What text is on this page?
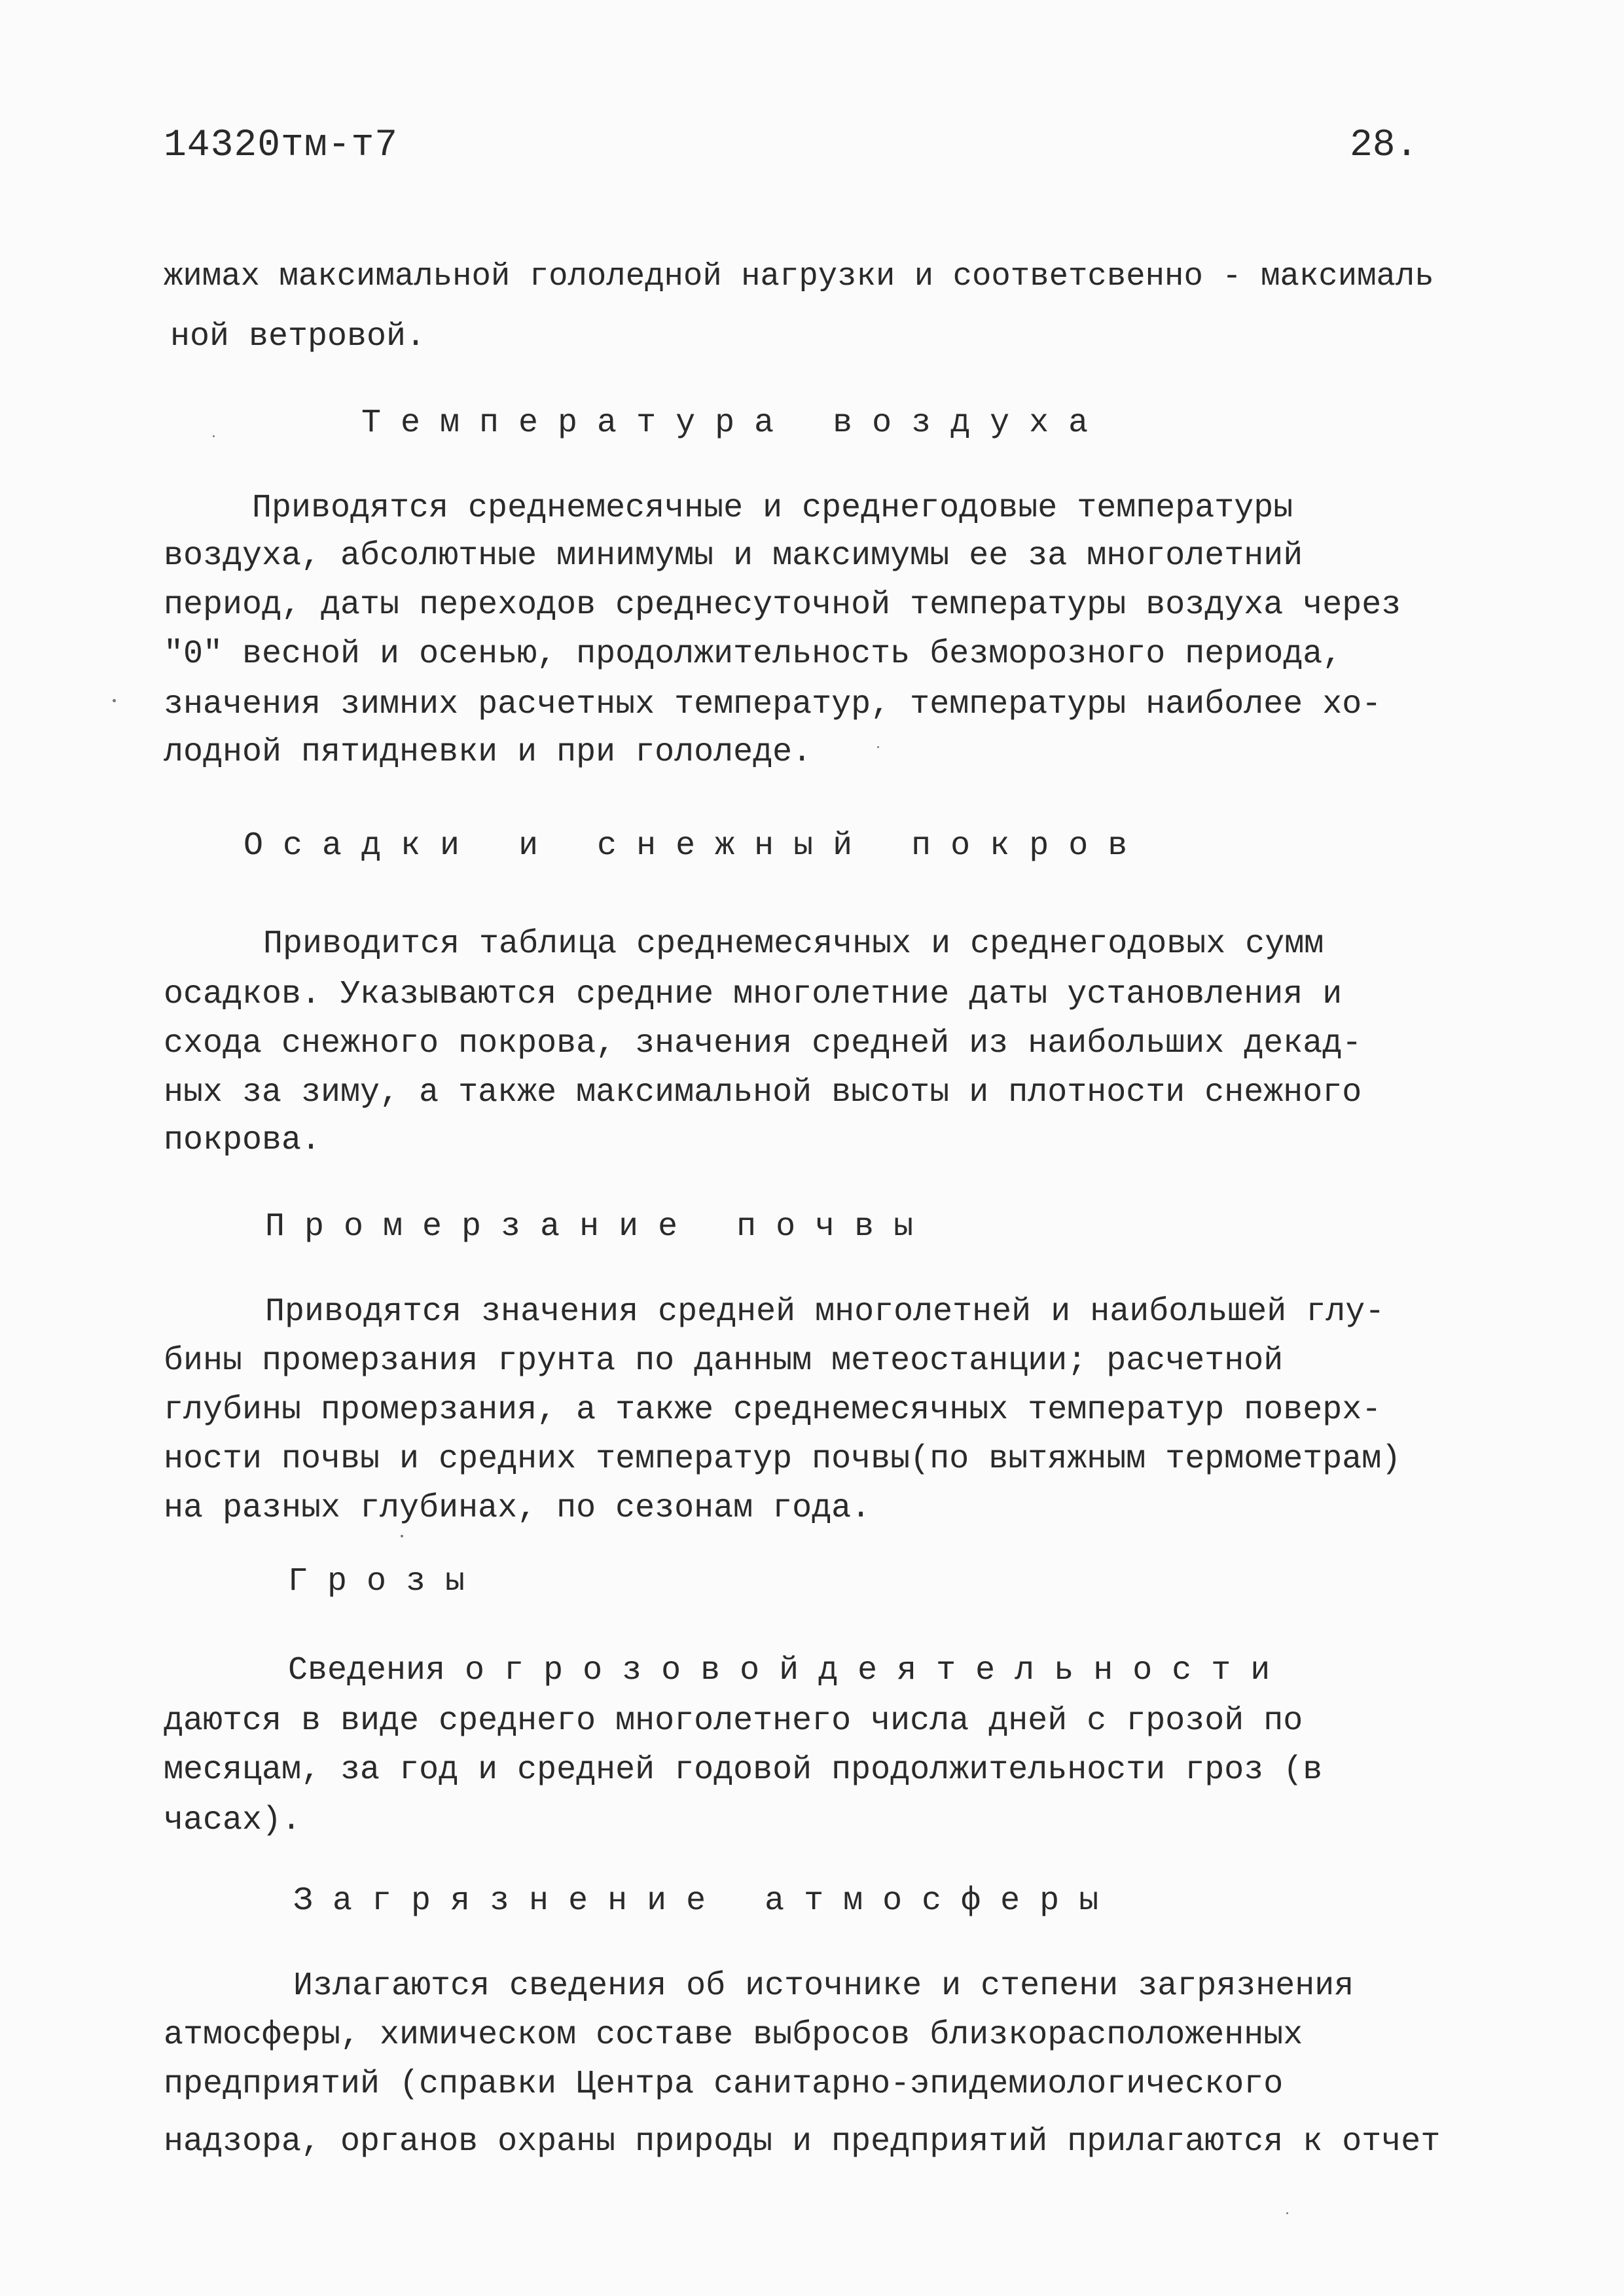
14320тм-т7	28.
жимах максимальной гололедной нагрузки и соответсвенно - максималь
ной ветровой.
Т е м п е р а т у р а   в о з д у х а
Приводятся среднемесячные и среднегодовые температуры
воздуха, абсолютные минимумы и максимумы ее за многолетний
период, даты переходов среднесуточной температуры воздуха через
"0" весной и осенью, продолжительность безморозного периода,
значения зимних расчетных температур, температуры наиболее хо-
лодной пятидневки и при гололеде.
О с а д к и   и   с н е ж н ы й   п о к р о в
Приводится таблица среднемесячных и среднегодовых сумм
осадков. Указываются средние многолетние даты установления и
схода снежного покрова, значения средней из наибольших декад-
ных за зиму, а также максимальной высоты и плотности снежного
покрова.
П р о м е р з а н и е   п о ч в ы
Приводятся значения средней многолетней и наибольшей глу-
бины промерзания грунта по данным метеостанции; расчетной
глубины промерзания, а также среднемесячных температур поверх-
ности почвы и средних температур почвы(по вытяжным термометрам)
на разных глубинах, по сезонам года.
Г р о з ы
Сведения о г р о з о в о й д е я т е л ь н о с т и
даются в виде среднего многолетнего числа дней с грозой по
месяцам, за год и средней годовой продолжительности гроз (в
часах).
З а г р я з н е н и е   а т м о с ф е р ы
Излагаются сведения об источнике и степени загрязнения
атмосферы, химическом составе выбросов близкорасположенных
предприятий (справки Центра санитарно-эпидемиологического
надзора, органов охраны природы и предприятий прилагаются к отчет
